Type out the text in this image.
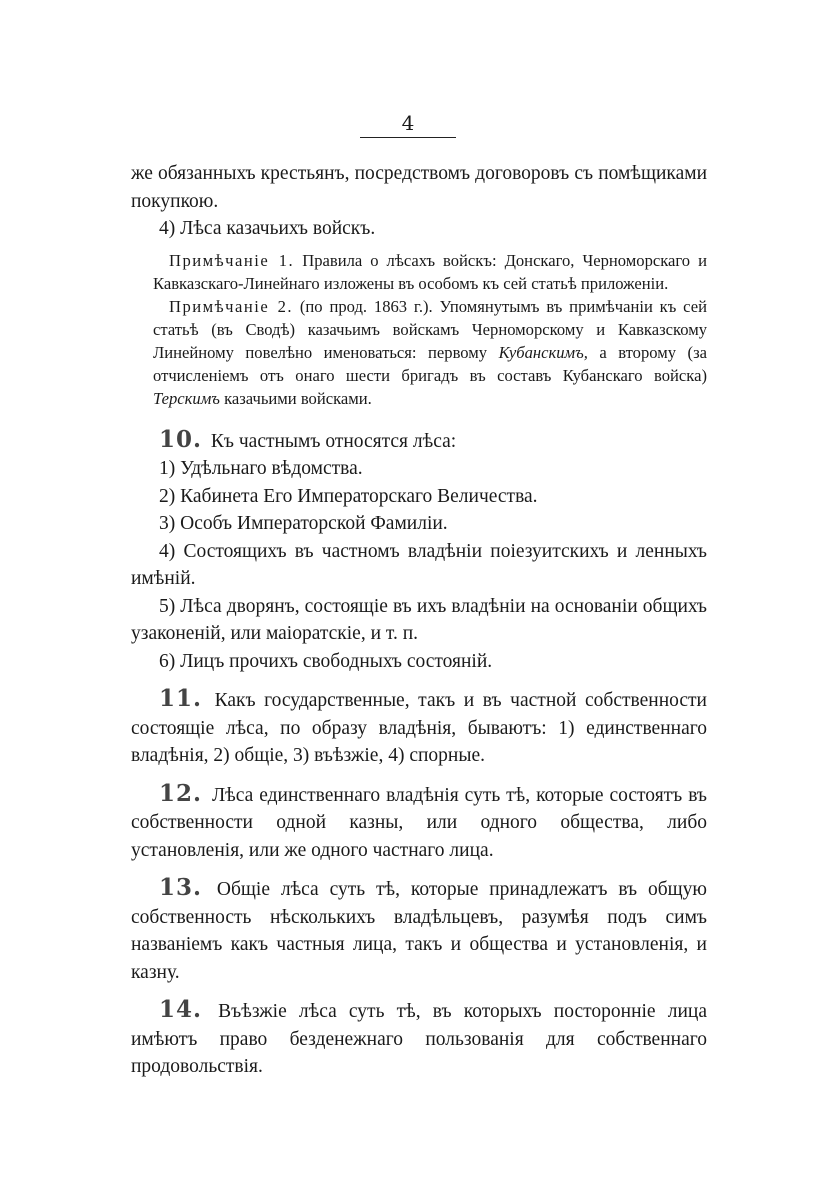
4

же обязанныхъ крестьянъ, посредствомъ договоровъ съ помѣщиками покупкою.

4) Лѣса казачьихъ войскъ.

Примѣчаніе 1. Правила о лѣсахъ войскъ: Донскаго, Черноморскаго и Кавказскаго-Линейнаго изложены въ особомъ къ сей статьѣ приложеніи.

Примѣчаніе 2. (по прод. 1863 г.). Упомянутымъ въ примѣчаніи къ сей статьѣ (въ Сводѣ) казачьимъ войскамъ Черноморскому и Кавказскому Линейному повелѣно именоваться: первому Кубанскимъ, а второму (за отчисленіемъ отъ онаго шести бригадъ въ составъ Кубанскаго войска) Терскимъ казачьими войсками.

10. Къ частнымъ относятся лѣса:

1) Удѣльнаго вѣдомства.

2) Кабинета Его Императорскаго Величества.

3) Особъ Императорской Фамиліи.

4) Состоящихъ въ частномъ владѣніи поіезуитскихъ и ленныхъ имѣній.

5) Лѣса дворянъ, состоящіе въ ихъ владѣніи на основаніи общихъ узаконеній, или маіоратскіе, и т. п.

6) Лицъ прочихъ свободныхъ состояній.

11. Какъ государственные, такъ и въ частной собственности состоящіе лѣса, по образу владѣнія, бываютъ: 1) единственнаго владѣнія, 2) общіе, 3) въѣзжіе, 4) спорные.

12. Лѣса единственнаго владѣнія суть тѣ, которые состоятъ въ собственности одной казны, или одного общества, либо установленія, или же одного частнаго лица.

13. Общіе лѣса суть тѣ, которые принадлежатъ въ общую собственность нѣсколькихъ владѣльцевъ, разумѣя подъ симъ названіемъ какъ частныя лица, такъ и общества и установленія, и казну.

14. Въѣзжіе лѣса суть тѣ, въ которыхъ посторонніе лица имѣютъ право безденежнаго пользованія для собственнаго продовольствія.
